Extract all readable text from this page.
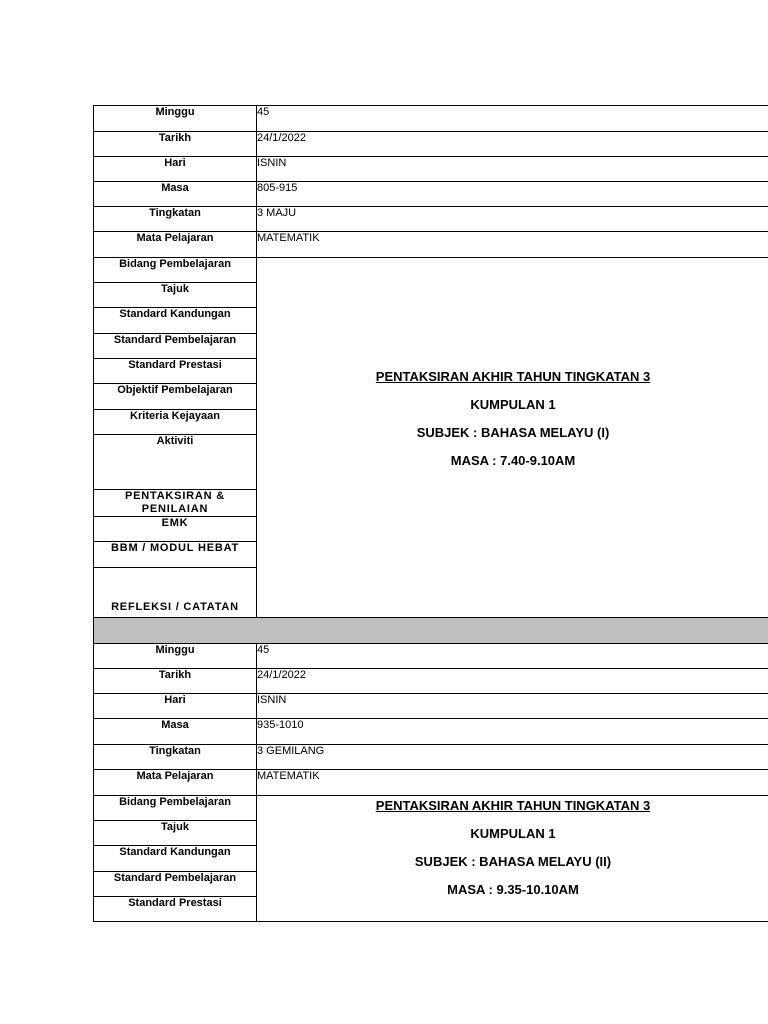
Minggu	45
Tarikh	24/1/2022
Hari	ISNIN
Masa	805-915
Tingkatan	3 MAJU
Mata Pelajaran	MATEMATIK
Bidang Pembelajaran	PENTAKSIRAN AKHIR TAHUN TINGKATAN 3

KUMPULAN 1

SUBJEK : BAHASA MELAYU (I)

MASA : 7.40-9.10AM

Tajuk	
Standard Kandungan	
Standard Pembelajaran	
Standard Prestasi	
Objektif Pembelajaran	
Kriteria Kejayaan	
Aktiviti	
PENTAKSIRAN & PENILAIAN	
EMK	
BBM / MODUL HEBAT	
REFLEKSI / CATATAN	

Minggu	45
Tarikh	24/1/2022
Hari	ISNIN
Masa	935-1010
Tingkatan	3 GEMILANG
Mata Pelajaran	MATEMATIK
Bidang Pembelajaran	PENTAKSIRAN AKHIR TAHUN TINGKATAN 3

KUMPULAN 1

SUBJEK : BAHASA MELAYU (II)

MASA : 9.35-10.10AM

Tajuk	
Standard Kandungan	
Standard Pembelajaran	
Standard Prestasi	
